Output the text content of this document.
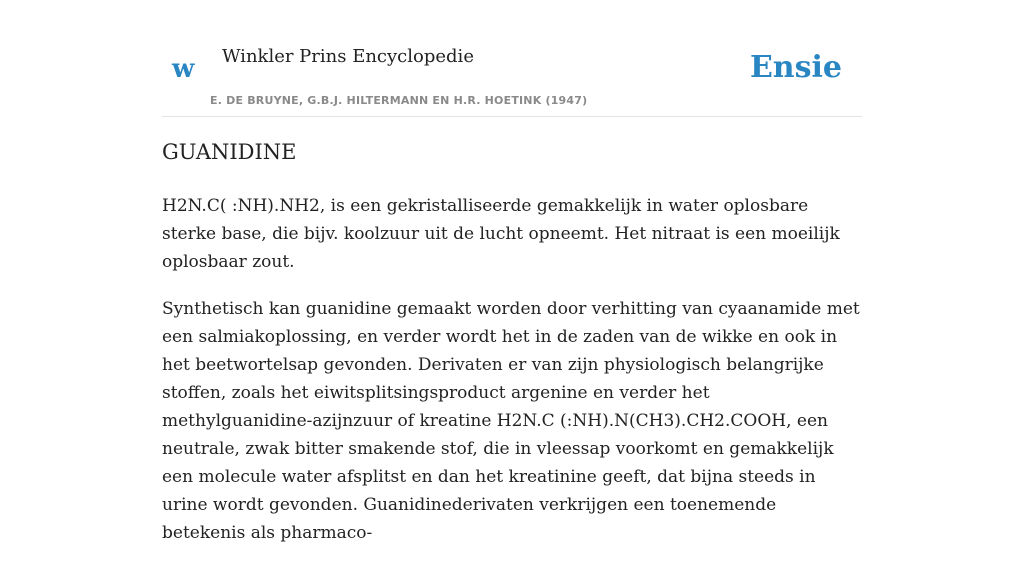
w Winkler Prins Encyclopedie
E. DE BRUYNE, G.B.J. HILTERMANN EN H.R. HOETINK (1947)
Ensie
GUANIDINE

H2N.C( :NH).NH2, is een gekristalliseerde gemakkelijk in water oplosbare sterke base, die bijv. koolzuur uit de lucht opneemt. Het nitraat is een moeilijk oplosbaar zout.

Synthetisch kan guanidine gemaakt worden door verhitting van cyaanamide met een salmiakoplossing, en verder wordt het in de zaden van de wikke en ook in het beetwortelsap gevonden. Derivaten er van zijn physiologisch belangrijke stoffen, zoals het eiwitsplitsingsproduct argenine en verder het methylguanidine-azijnzuur of kreatine H2N.C (:NH).N(CH3).CH2.COOH, een neutrale, zwak bitter smakende stof, die in vleessap voorkomt en gemakkelijk een molecule water afsplitst en dan het kreatinine geeft, dat bijna steeds in urine wordt gevonden. Guanidinederivaten verkrijgen een toenemende betekenis als pharmaco-
